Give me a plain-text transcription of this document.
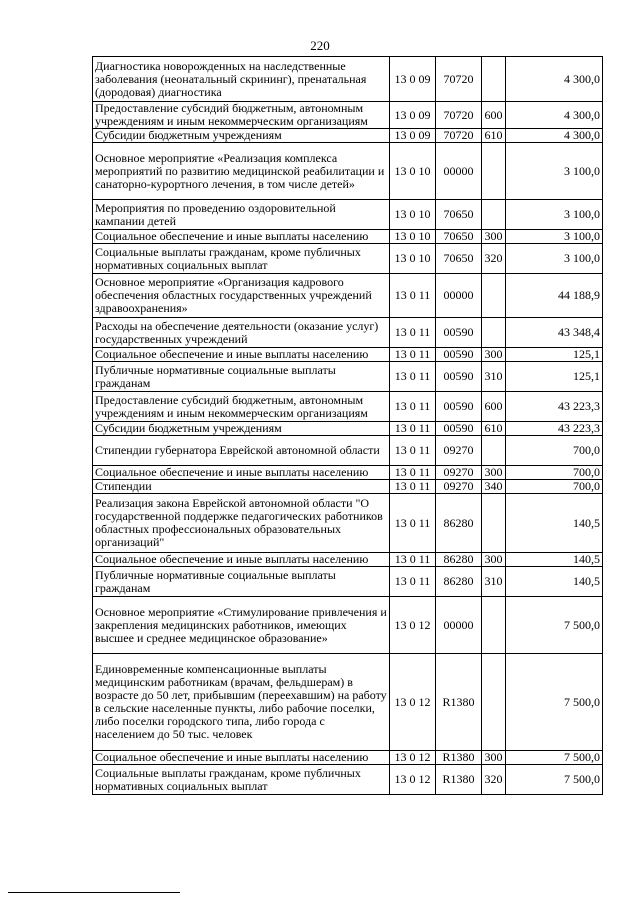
220
Диагностика новорожденных на наследственные заболевания (неонатальный скрининг), пренатальная (дородовая) диагностика	13 0 09	70720		4 300,0
Предоставление субсидий бюджетным, автономным учреждениям и иным некоммерческим организациям	13 0 09	70720	600	4 300,0
Субсидии бюджетным учреждениям	13 0 09	70720	610	4 300,0
Основное мероприятие «Реализация комплекса мероприятий по развитию медицинской реабилитации и санаторно-курортного лечения, в том числе детей»	13 0 10	00000		3 100,0
Мероприятия по проведению оздоровительной кампании детей	13 0 10	70650		3 100,0
Социальное обеспечение и иные выплаты населению	13 0 10	70650	300	3 100,0
Социальные выплаты гражданам, кроме публичных нормативных социальных выплат	13 0 10	70650	320	3 100,0
Основное мероприятие «Организация кадрового обеспечения областных государственных учреждений здравоохранения»	13 0 11	00000		44 188,9
Расходы на обеспечение деятельности (оказание услуг) государственных учреждений	13 0 11	00590		43 348,4
Социальное обеспечение и иные выплаты населению	13 0 11	00590	300	125,1
Публичные нормативные социальные выплаты гражданам	13 0 11	00590	310	125,1
Предоставление субсидий бюджетным, автономным учреждениям и иным некоммерческим организациям	13 0 11	00590	600	43 223,3
Субсидии бюджетным учреждениям	13 0 11	00590	610	43 223,3
Стипендии губернатора Еврейской автономной области	13 0 11	09270		700,0
Социальное обеспечение и иные выплаты населению	13 0 11	09270	300	700,0
Стипендии	13 0 11	09270	340	700,0
Реализация закона Еврейской автономной области "О государственной поддержке педагогических работников областных профессиональных образовательных организаций"	13 0 11	86280		140,5
Социальное обеспечение и иные выплаты населению	13 0 11	86280	300	140,5
Публичные нормативные социальные выплаты гражданам	13 0 11	86280	310	140,5
Основное мероприятие «Стимулирование привлечения и закрепления медицинских работников, имеющих высшее и среднее медицинское образование»	13 0 12	00000		7 500,0
Единовременные компенсационные выплаты медицинским работникам (врачам, фельдшерам) в возрасте до 50 лет, прибывшим (переехавшим) на работу в сельские населенные пункты, либо рабочие поселки, либо поселки городского типа, либо города с населением до 50 тыс. человек	13 0 12	R1380		7 500,0
Социальное обеспечение и иные выплаты населению	13 0 12	R1380	300	7 500,0
Социальные выплаты гражданам, кроме публичных нормативных социальных выплат	13 0 12	R1380	320	7 500,0
